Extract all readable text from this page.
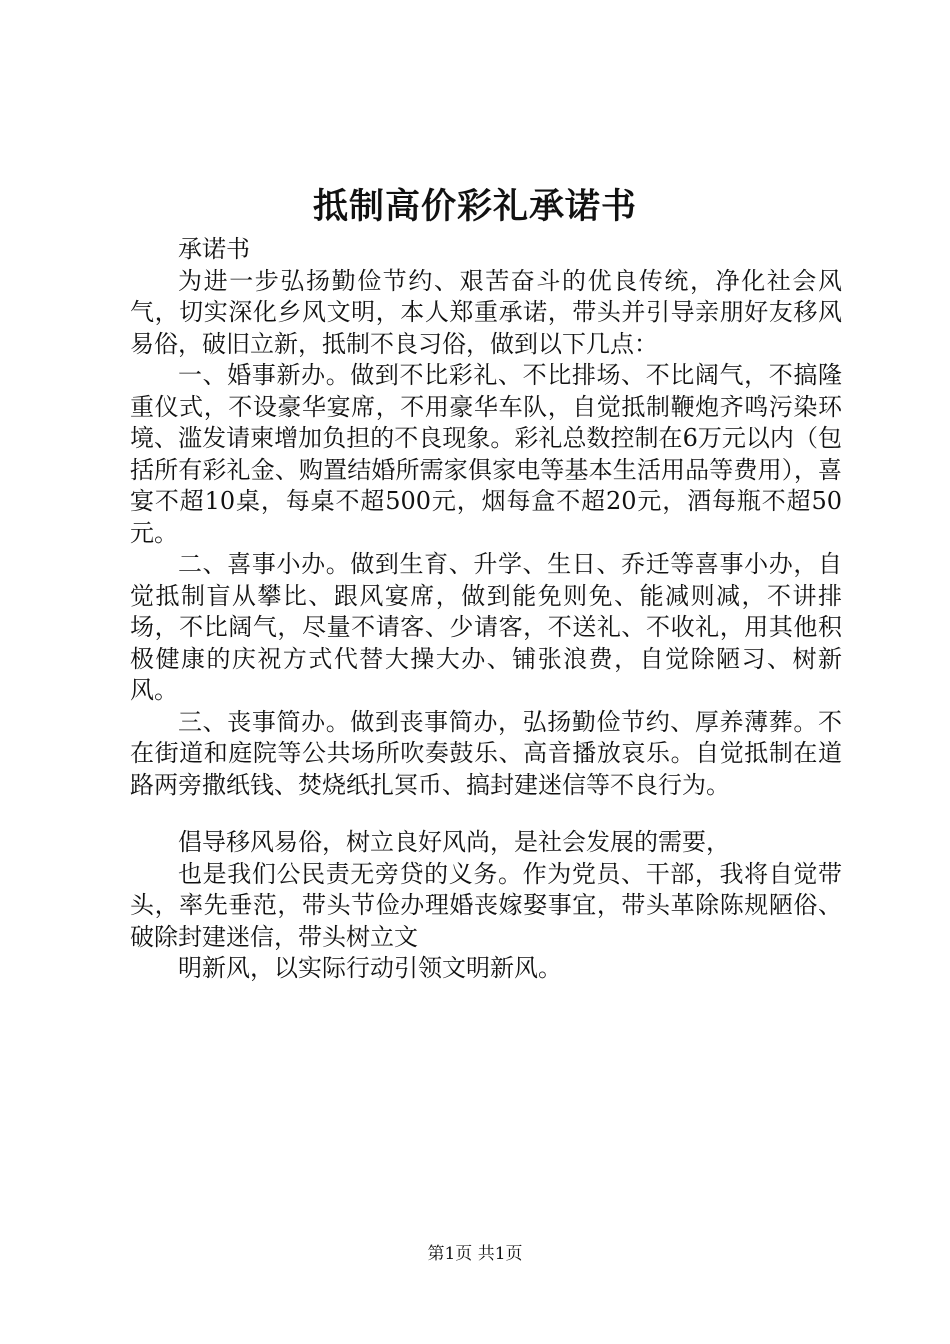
抵制高价彩礼承诺书

承诺书

为进一步弘扬勤俭节约、艰苦奋斗的优良传统，净化社会风气，切实深化乡风文明，本人郑重承诺，带头并引导亲朋好友移风易俗，破旧立新，抵制不良习俗，做到以下几点：

一、婚事新办。做到不比彩礼、不比排场、不比阔气，不搞隆重仪式，不设豪华宴席，不用豪华车队，自觉抵制鞭炮齐鸣污染环境、滥发请柬增加负担的不良现象。彩礼总数控制在6万元以内（包括所有彩礼金、购置结婚所需家俱家电等基本生活用品等费用），喜宴不超10桌，每桌不超500元，烟每盒不超20元，酒每瓶不超50元。

二、喜事小办。做到生育、升学、生日、乔迁等喜事小办，自觉抵制盲从攀比、跟风宴席，做到能免则免、能减则减，不讲排场，不比阔气，尽量不请客、少请客，不送礼、不收礼，用其他积极健康的庆祝方式代替大操大办、铺张浪费，自觉除陋习、树新风。

三、丧事简办。做到丧事简办，弘扬勤俭节约、厚养薄葬。不在街道和庭院等公共场所吹奏鼓乐、高音播放哀乐。自觉抵制在道路两旁撒纸钱、焚烧纸扎冥币、搞封建迷信等不良行为。

倡导移风易俗，树立良好风尚，是社会发展的需要，

也是我们公民责无旁贷的义务。作为党员、干部，我将自觉带头，率先垂范，带头节俭办理婚丧嫁娶事宜，带头革除陈规陋俗、破除封建迷信，带头树立文

明新风，以实际行动引领文明新风。

第1页 共1页
